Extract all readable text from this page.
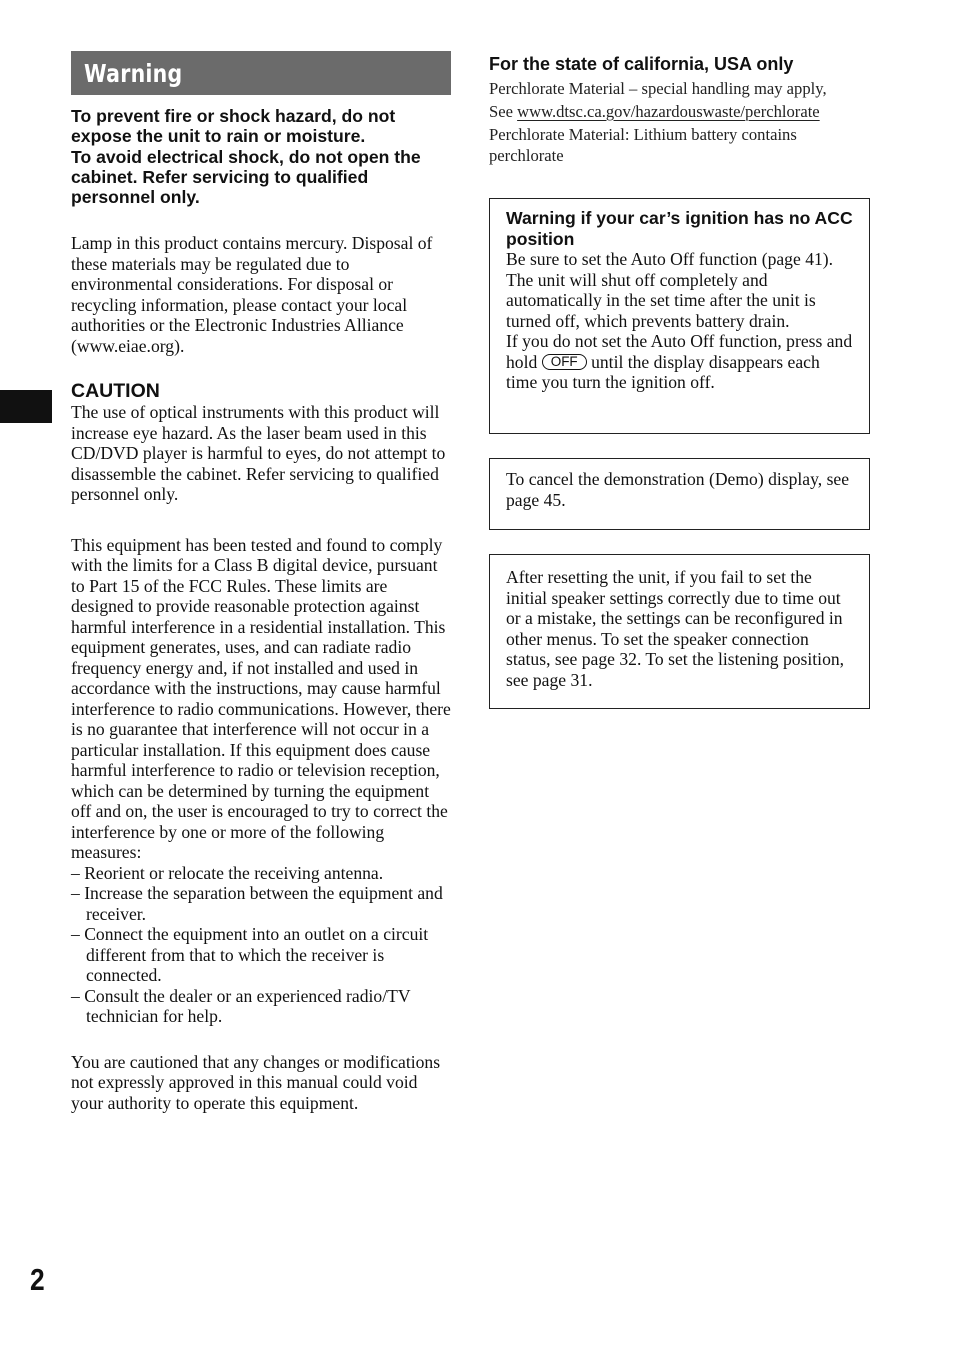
Warning

To prevent fire or shock hazard, do not

expose the unit to rain or moisture.

To avoid electrical shock, do not open the

cabinet. Refer servicing to qualified

personnel only.

Lamp in this product contains mercury. Disposal of these materials may be regulated due to environmental considerations. For disposal or recycling information, please contact your local authorities or the Electronic Industries Alliance (www.eiae.org).

CAUTION

The use of optical instruments with this product will increase eye hazard. As the laser beam used in this CD/DVD player is harmful to eyes, do not attempt to disassemble the cabinet. Refer servicing to qualified personnel only.

This equipment has been tested and found to comply with the limits for a Class B digital device, pursuant to Part 15 of the FCC Rules. These limits are designed to provide reasonable protection against harmful interference in a residential installation. This equipment generates, uses, and can radiate radio frequency energy and, if not installed and used in accordance with the instructions, may cause harmful interference to radio communications. However, there is no guarantee that interference will not occur in a particular installation. If this equipment does cause harmful interference to radio or television reception, which can be determined by turning the equipment off and on, the user is encouraged to try to correct the interference by one or more of the following measures:

– Reorient or relocate the receiving antenna.
– Increase the separation between the equipment and receiver.
– Connect the equipment into an outlet on a circuit different from that to which the receiver is connected.
– Consult the dealer or an experienced radio/TV technician for help.

You are cautioned that any changes or modifications not expressly approved in this manual could void your authority to operate this equipment.

For the state of california, USA only

Perchlorate Material – special handling may apply,

See www.dtsc.ca.gov/hazardouswaste/perchlorate

Perchlorate Material: Lithium battery contains perchlorate

Warning if your car’s ignition has no ACC position

Be sure to set the Auto Off function (page 41).

The unit will shut off completely and automatically in the set time after the unit is turned off, which prevents battery drain.

If you do not set the Auto Off function, press and hold OFF until the display disappears each time you turn the ignition off.

To cancel the demonstration (Demo) display, see page 45.

After resetting the unit, if you fail to set the initial speaker settings correctly due to time out or a mistake, the settings can be reconfigured in other menus. To set the speaker connection status, see page 32. To set the listening position, see page 31.

2
